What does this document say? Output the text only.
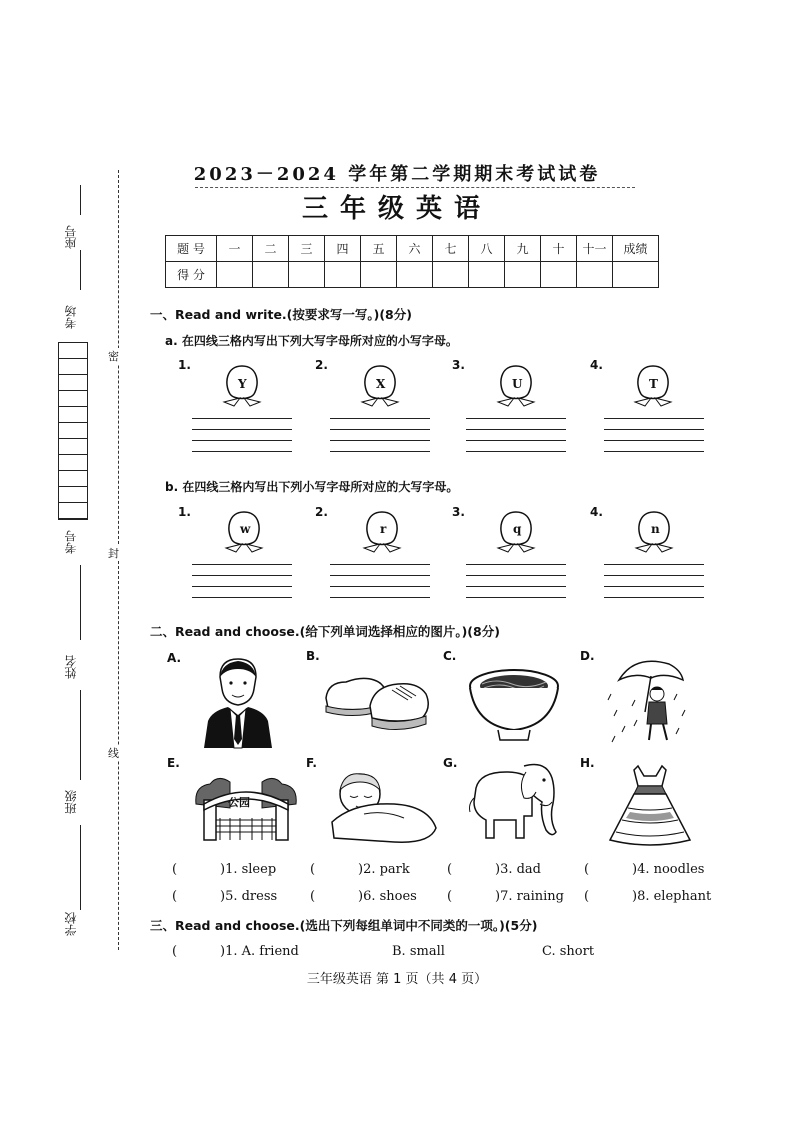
座号
考场
考号
姓名
班级
学校
密
封
线
2023－2024 学年第二学期期末考试试卷
三年级英语
题 号	一	二	三	四	五	六	七	八	九	十	十一	成绩
得 分												
一、Read and write.(按要求写一写。)(8分)
a. 在四线三格内写出下列大写字母所对应的小写字母。
1.	2.	3.	4.
Y	X	U	T
b. 在四线三格内写出下列小写字母所对应的大写字母。
1.	2.	3.	4.
w	r	q	n
二、Read and choose.(给下列单词选择相应的图片。)(8分)
A.	B.	C.	D.
E.	F.	G.	H.
公园
(	)1. sleep	(	)2. park	(	)3. dad	(	)4. noodles
(	)5. dress	(	)6. shoes (	)7. raining (	)8. elephant
三、Read and choose.(选出下列每组单词中不同类的一项。)(5分)
(	)1. A. friend	B. small	C. short
三年级英语 第 1 页（共 4 页）
